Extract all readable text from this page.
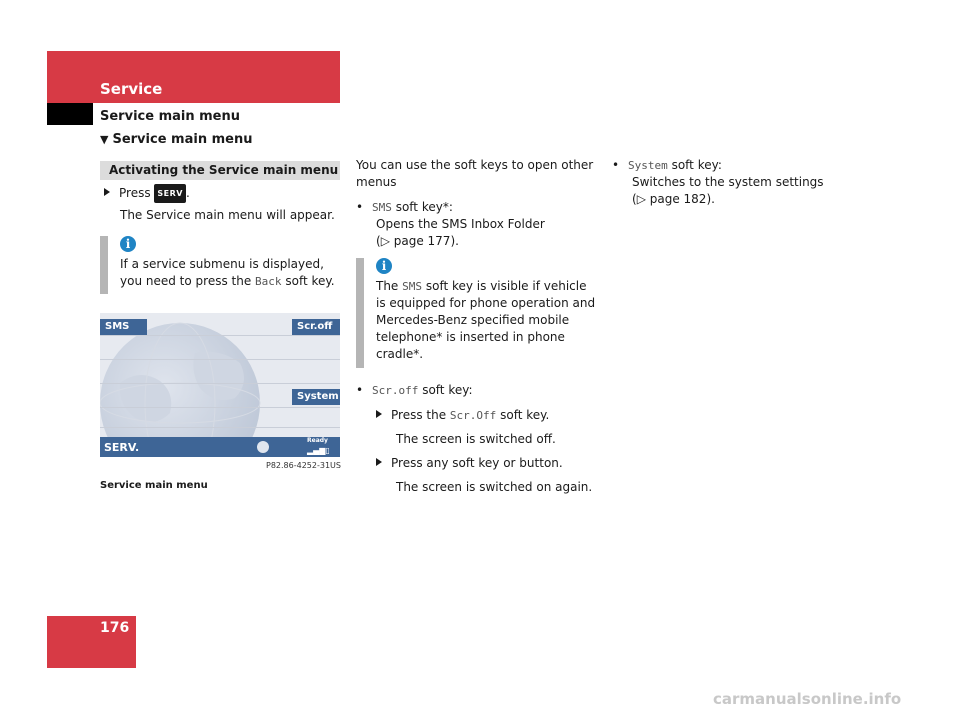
Service
Service main menu
▼ Service main menu
Activating the Service main menu
Press SERV .
The Service main menu will appear.
i
If a service submenu is displayed, you need to press the Back soft key.
SMS	Scr.off
System
SERV.
Ready
▂▄▆▯
P82.86-4252-31US
Service main menu
You can use the soft keys to open other menus
• SMS soft key*:
Opens the SMS Inbox Folder
(▷ page 177).
i
The SMS soft key is visible if vehicle is equipped for phone operation and Mercedes-Benz specified mobile telephone* is inserted in phone cradle*.
• Scr.off soft key:
Press the Scr.Off soft key.
The screen is switched off.
Press any soft key or button.
The screen is switched on again.
• System soft key:
Switches to the system settings
(▷ page 182).
176
carmanualsonline.info
